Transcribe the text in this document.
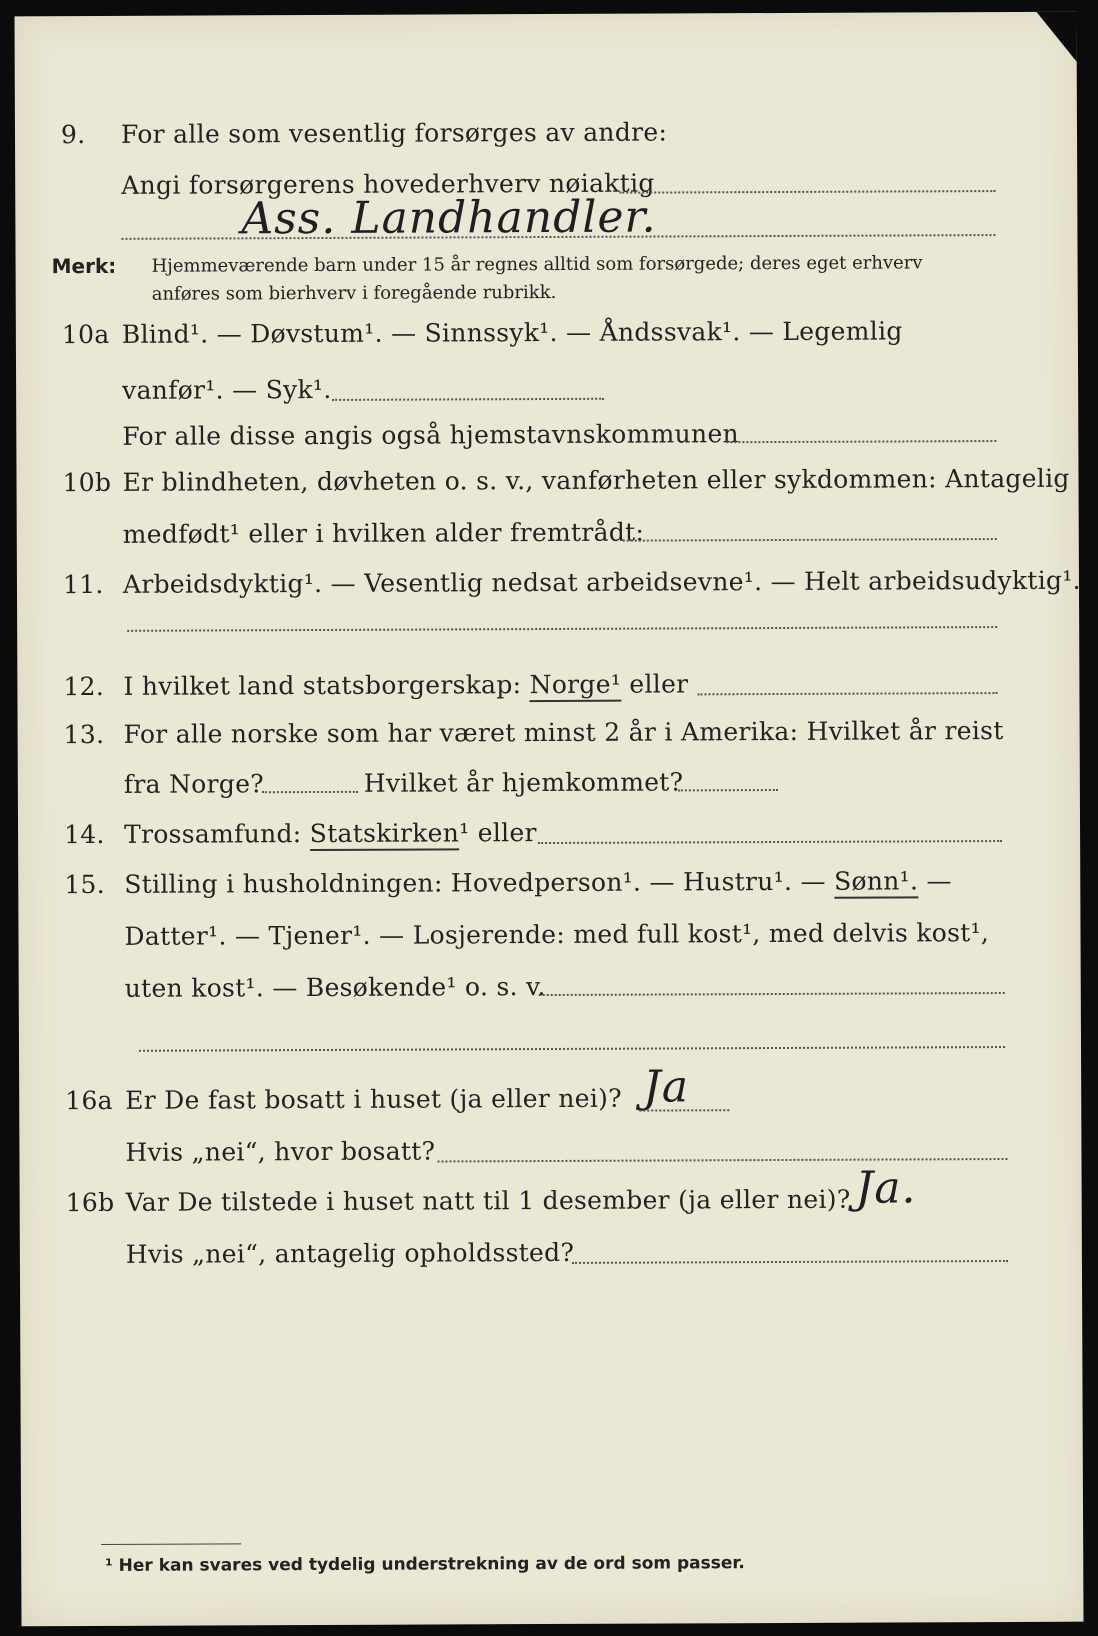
9. For alle som vesentlig forsørges av andre:
Angi forsørgerens hovederhverv nøiaktig
Ass. Landhandler.
Merk: Hjemmeværende barn under 15 år regnes alltid som forsørgede; deres eget erhverv
anføres som bierhverv i foregående rubrikk.
10a Blind¹. — Døvstum¹. — Sinnssyk¹. — Åndssvak¹. — Legemlig
vanfør¹. — Syk¹.
For alle disse angis også hjemstavnskommunen
10b Er blindheten, døvheten o. s. v., vanførheten eller sykdommen: Antagelig
medfødt¹ eller i hvilken alder fremtrådt:
11. Arbeidsdyktig¹. — Vesentlig nedsat arbeidsevne¹. — Helt arbeidsudyktig¹.
12. I hvilket land statsborgerskap: Norge¹ eller
13. For alle norske som har været minst 2 år i Amerika: Hvilket år reist
fra Norge?	Hvilket år hjemkommet?
14. Trossamfund: Statskirken¹ eller
15. Stilling i husholdningen: Hovedperson¹. — Hustru¹. — Sønn¹. —
Datter¹. — Tjener¹. — Losjerende: med full kost¹, med delvis kost¹,
uten kost¹. — Besøkende¹ o. s. v.
16a Er De fast bosatt i huset (ja eller nei)? Ja
Hvis „nei“, hvor bosatt?
16b Var De tilstede i huset natt til 1 desember (ja eller nei)? Ja.
Hvis „nei“, antagelig opholdssted?
¹ Her kan svares ved tydelig understrekning av de ord som passer.
